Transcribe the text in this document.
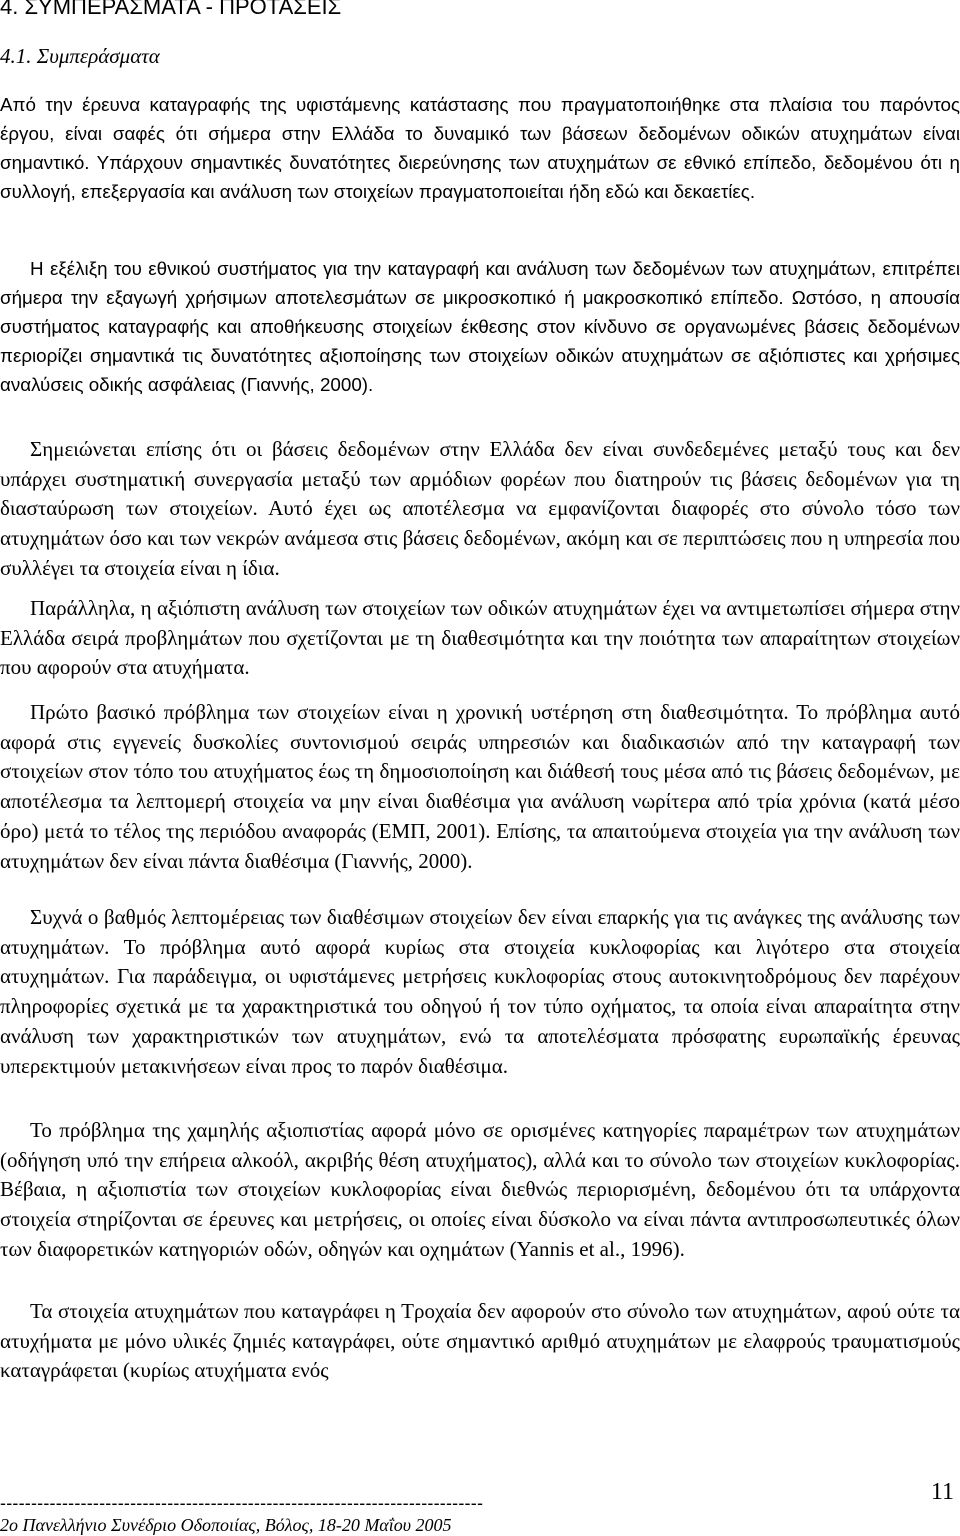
4. ΣΥΜΠΕΡΑΣΜΑΤΑ - ΠΡΟΤΑΣΕΙΣ
4.1. Συμπεράσματα

Από την έρευνα καταγραφής της υφιστάμενης κατάστασης που πραγματοποιήθηκε στα πλαίσια του παρόντος έργου, είναι σαφές ότι σήμερα στην Ελλάδα το δυναμικό των βάσεων δεδομένων οδικών ατυχημάτων είναι σημαντικό. Υπάρχουν σημαντικές δυνατότητες διερεύνησης των ατυχημάτων σε εθνικό επίπεδο, δεδομένου ότι η συλλογή, επεξεργασία και ανάλυση των στοιχείων πραγματοποιείται ήδη εδώ και δεκαετίες.

Η εξέλιξη του εθνικού συστήματος για την καταγραφή και ανάλυση των δεδομένων των ατυχημάτων, επιτρέπει σήμερα την εξαγωγή χρήσιμων αποτελεσμάτων σε μικροσκοπικό ή μακροσκοπικό επίπεδο. Ωστόσο, η απουσία συστήματος καταγραφής και αποθήκευσης στοιχείων έκθεσης στον κίνδυνο σε οργανωμένες βάσεις δεδομένων περιορίζει σημαντικά τις δυνατότητες αξιοποίησης των στοιχείων οδικών ατυχημάτων σε αξιόπιστες και χρήσιμες αναλύσεις οδικής ασφάλειας (Γιαννής, 2000).

Σημειώνεται επίσης ότι οι βάσεις δεδομένων στην Ελλάδα δεν είναι συνδεδεμένες μεταξύ τους και δεν υπάρχει συστηματική συνεργασία μεταξύ των αρμόδιων φορέων που διατηρούν τις βάσεις δεδομένων για τη διασταύρωση των στοιχείων. Αυτό έχει ως αποτέλεσμα να εμφανίζονται διαφορές στο σύνολο τόσο των ατυχημάτων όσο και των νεκρών ανάμεσα στις βάσεις δεδομένων, ακόμη και σε περιπτώσεις που η υπηρεσία που συλλέγει τα στοιχεία είναι η ίδια.

Παράλληλα, η αξιόπιστη ανάλυση των στοιχείων των οδικών ατυχημάτων έχει να αντιμετωπίσει σήμερα στην Ελλάδα σειρά προβλημάτων που σχετίζονται με τη διαθεσιμότητα και την ποιότητα των απαραίτητων στοιχείων που αφορούν στα ατυχήματα.

Πρώτο βασικό πρόβλημα των στοιχείων είναι η χρονική υστέρηση στη διαθεσιμότητα. Το πρόβλημα αυτό αφορά στις εγγενείς δυσκολίες συντονισμού σειράς υπηρεσιών και διαδικασιών από την καταγραφή των στοιχείων στον τόπο του ατυχήματος έως τη δημοσιοποίηση και διάθεσή τους μέσα από τις βάσεις δεδομένων, με αποτέλεσμα τα λεπτομερή στοιχεία να μην είναι διαθέσιμα για ανάλυση νωρίτερα από τρία χρόνια (κατά μέσο όρο) μετά το τέλος της περιόδου αναφοράς (ΕΜΠ, 2001). Επίσης, τα απαιτούμενα στοιχεία για την ανάλυση των ατυχημάτων δεν είναι πάντα διαθέσιμα (Γιαννής, 2000).

Συχνά ο βαθμός λεπτομέρειας των διαθέσιμων στοιχείων δεν είναι επαρκής για τις ανάγκες της ανάλυσης των ατυχημάτων. Το πρόβλημα αυτό αφορά κυρίως στα στοιχεία κυκλοφορίας και λιγότερο στα στοιχεία ατυχημάτων. Για παράδειγμα, οι υφιστάμενες μετρήσεις κυκλοφορίας στους αυτοκινητοδρόμους δεν παρέχουν πληροφορίες σχετικά με τα χαρακτηριστικά του οδηγού ή τον τύπο οχήματος, τα οποία είναι απαραίτητα στην ανάλυση των χαρακτηριστικών των ατυχημάτων, ενώ τα αποτελέσματα πρόσφατης ευρωπαϊκής έρευνας υπερεκτιμούν μετακινήσεων είναι προς το παρόν διαθέσιμα.

Το πρόβλημα της χαμηλής αξιοπιστίας αφορά μόνο σε ορισμένες κατηγορίες παραμέτρων των ατυχημάτων (οδήγηση υπό την επήρεια αλκοόλ, ακριβής θέση ατυχήματος), αλλά και το σύνολο των στοιχείων κυκλοφορίας. Βέβαια, η αξιοπιστία των στοιχείων κυκλοφορίας είναι διεθνώς περιορισμένη, δεδομένου ότι τα υπάρχοντα στοιχεία στηρίζονται σε έρευνες και μετρήσεις, οι οποίες είναι δύσκολο να είναι πάντα αντιπροσωπευτικές όλων των διαφορετικών κατηγοριών οδών, οδηγών και οχημάτων (Yannis et al., 1996).

Τα στοιχεία ατυχημάτων που καταγράφει η Τροχαία δεν αφορούν στο σύνολο των ατυχημάτων, αφού ούτε τα ατυχήματα με μόνο υλικές ζημιές καταγράφει, ούτε σημαντικό αριθμό ατυχημάτων με ελαφρούς τραυματισμούς καταγράφεται (κυρίως ατυχήματα ενός

------------------------------------------------------------------------------
2ο Πανελλήνιο Συνέδριο Οδοποιίας, Βόλος, 18-20 Μαΐου 2005
11
